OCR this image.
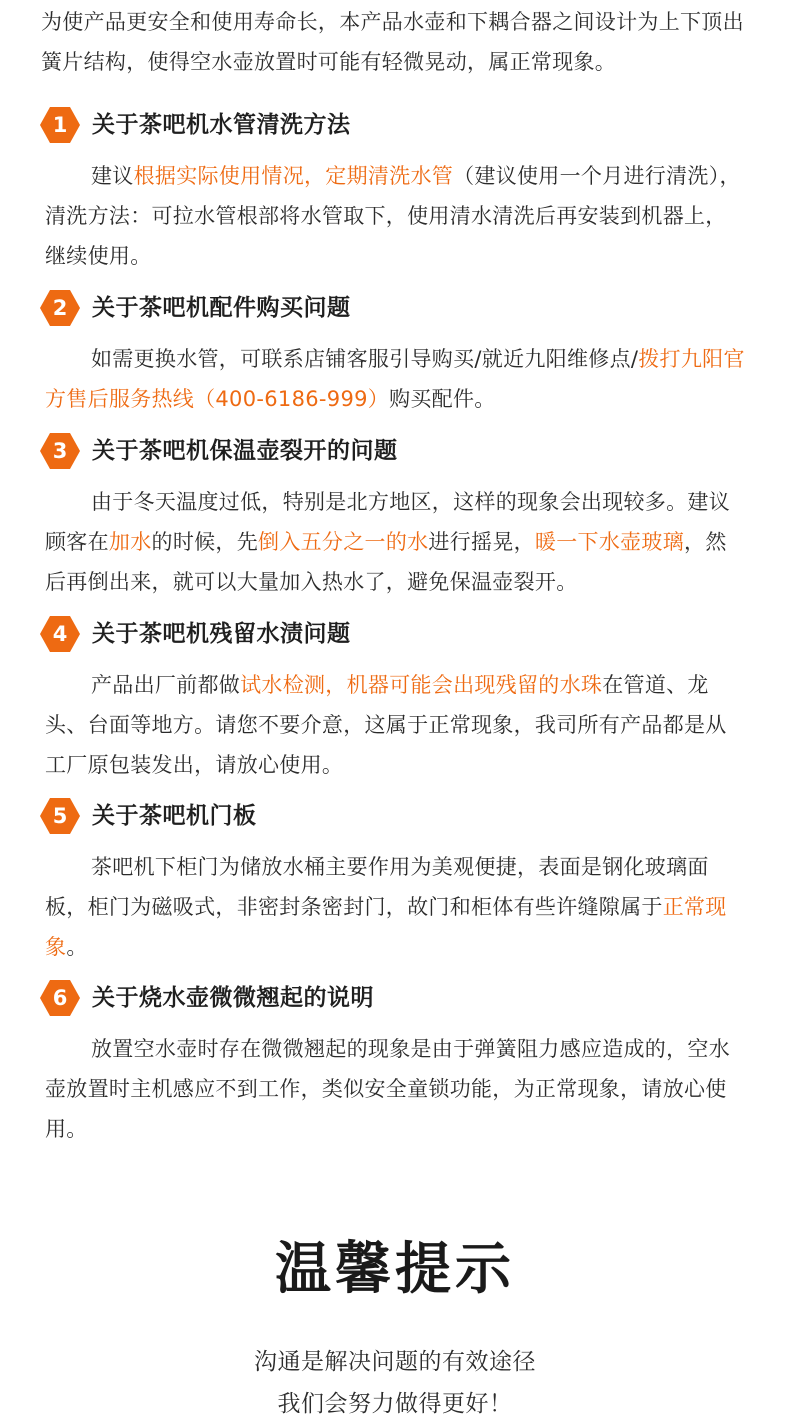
为使产品更安全和使用寿命长，本产品水壶和下耦合器之间设计为上下顶出簧片结构，使得空水壶放置时可能有轻微晃动，属正常现象。
1	关于茶吧机水管清洗方法
建议根据实际使用情况，定期清洗水管（建议使用一个月进行清洗），清洗方法：可拉水管根部将水管取下，使用清水清洗后再安装到机器上，继续使用。
2	关于茶吧机配件购买问题
如需更换水管，可联系店铺客服引导购买/就近九阳维修点/拨打九阳官方售后服务热线（400-6186-999）购买配件。
3	关于茶吧机保温壶裂开的问题
由于冬天温度过低，特别是北方地区，这样的现象会出现较多。建议顾客在加水的时候，先倒入五分之一的水进行摇晃，暖一下水壶玻璃，然后再倒出来，就可以大量加入热水了，避免保温壶裂开。
4	关于茶吧机残留水渍问题
产品出厂前都做试水检测，机器可能会出现残留的水珠在管道、龙头、台面等地方。请您不要介意，这属于正常现象，我司所有产品都是从工厂原包装发出，请放心使用。
5	关于茶吧机门板
茶吧机下柜门为储放水桶主要作用为美观便捷，表面是钢化玻璃面板，柜门为磁吸式，非密封条密封门，故门和柜体有些许缝隙属于正常现象。
6	关于烧水壶微微翘起的说明
放置空水壶时存在微微翘起的现象是由于弹簧阻力感应造成的，空水壶放置时主机感应不到工作，类似安全童锁功能，为正常现象，请放心使用。
温馨提示
沟通是解决问题的有效途径
我们会努力做得更好！
